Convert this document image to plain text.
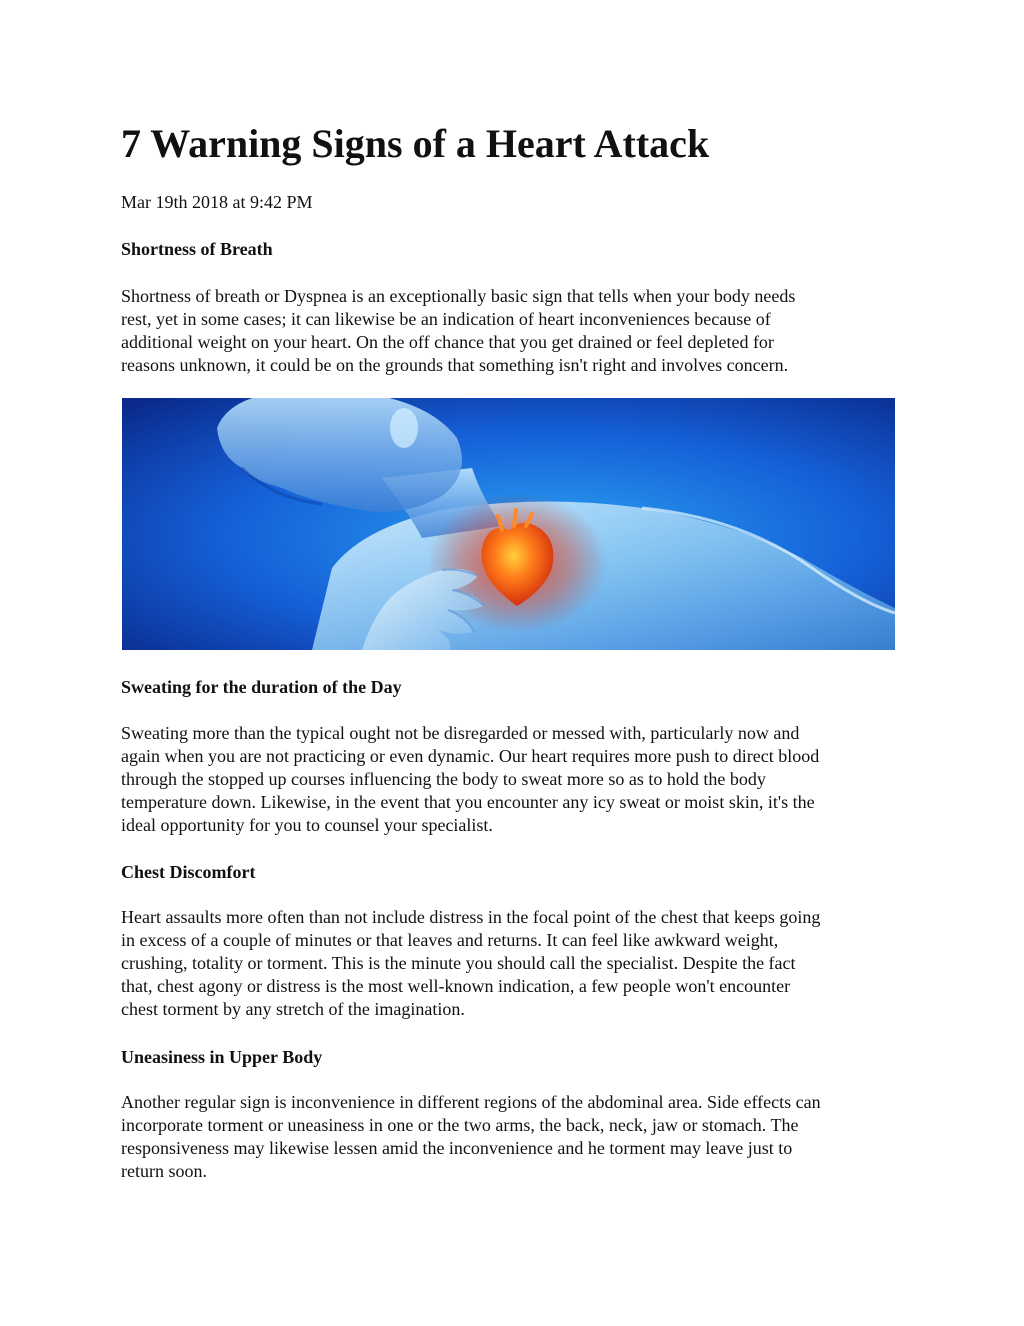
7 Warning Signs of a Heart Attack

Mar 19th 2018 at 9:42 PM

Shortness of Breath

Shortness of breath or Dyspnea is an exceptionally basic sign that tells when your body needs
rest, yet in some cases; it can likewise be an indication of heart inconveniences because of
additional weight on your heart. On the off chance that you get drained or feel depleted for
reasons unknown, it could be on the grounds that something isn't right and involves concern.

Sweating for the duration of the Day

Sweating more than the typical ought not be disregarded or messed with, particularly now and
again when you are not practicing or even dynamic. Our heart requires more push to direct blood
through the stopped up courses influencing the body to sweat more so as to hold the body
temperature down. Likewise, in the event that you encounter any icy sweat or moist skin, it's the
ideal opportunity for you to counsel your specialist.

Chest Discomfort

Heart assaults more often than not include distress in the focal point of the chest that keeps going
in excess of a couple of minutes or that leaves and returns. It can feel like awkward weight,
crushing, totality or torment. This is the minute you should call the specialist. Despite the fact
that, chest agony or distress is the most well-known indication, a few people won't encounter
chest torment by any stretch of the imagination.

Uneasiness in Upper Body

Another regular sign is inconvenience in different regions of the abdominal area. Side effects can
incorporate torment or uneasiness in one or the two arms, the back, neck, jaw or stomach. The
responsiveness may likewise lessen amid the inconvenience and he torment may leave just to
return soon.
